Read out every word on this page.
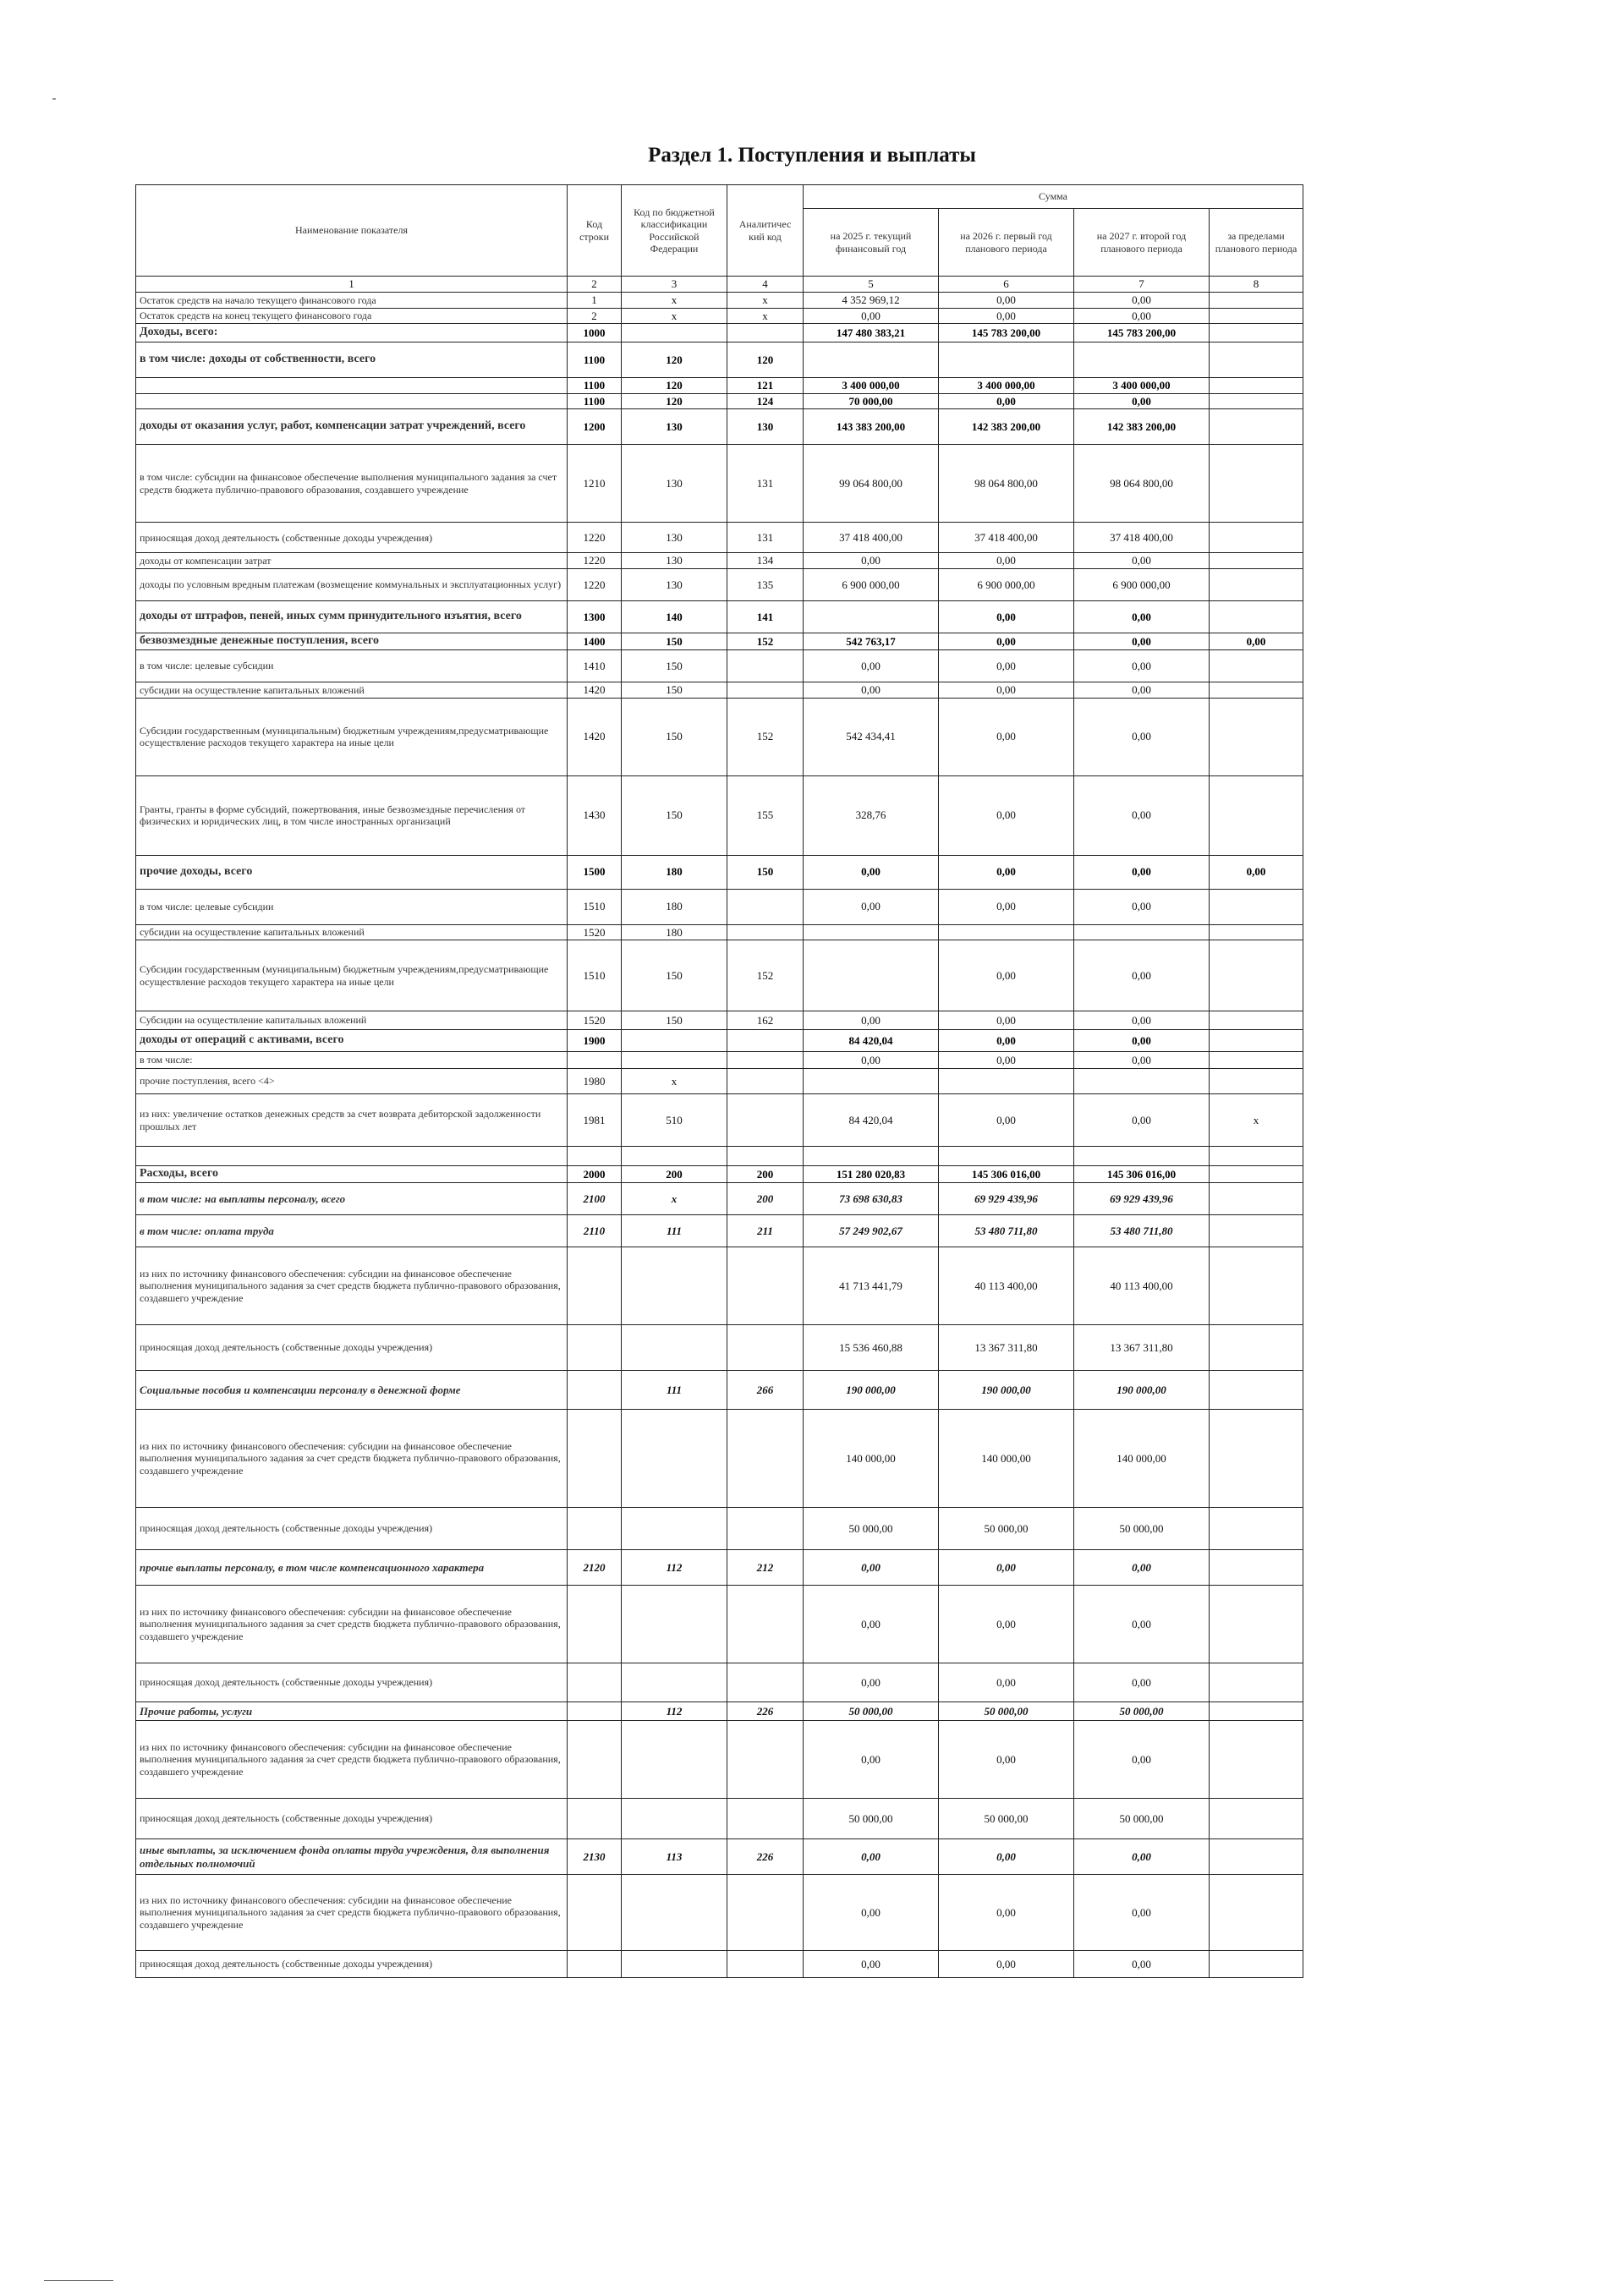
Раздел 1. Поступления и выплаты
Наименование показателя	Код строки	Код по бюджетной классификации Российской Федерации	Аналитичес кий код	Сумма			
				на 2025 г. текущий финансовый год	на 2026 г. первый год планового периода	на 2027 г. второй год планового периода	за пределами планового периода
1	2	3	4	5	6	7	8
Остаток средств на начало текущего финансового года	1	х	х	4 352 969,12	0,00	0,00	
Остаток средств на конец текущего финансового года	2	х	х	0,00	0,00	0,00	
Доходы, всего:	1000			147 480 383,21	145 783 200,00	145 783 200,00	
в том числе: доходы от собственности, всего	1100	120	120				
	1100	120	121	3 400 000,00	3 400 000,00	3 400 000,00	
	1100	120	124	70 000,00	0,00	0,00	
доходы от оказания услуг, работ, компенсации затрат учреждений, всего	1200	130	130	143 383 200,00	142 383 200,00	142 383 200,00	
в том числе: субсидии на финансовое обеспечение выполнения муниципального задания за счет средств бюджета публично-правового образования, создавшего учреждение	1210	130	131	99 064 800,00	98 064 800,00	98 064 800,00	
приносящая доход деятельность (собственные доходы учреждения)	1220	130	131	37 418 400,00	37 418 400,00	37 418 400,00	
доходы от компенсации затрат	1220	130	134	0,00	0,00	0,00	
доходы по условным вредным платежам (возмещение коммунальных и эксплуатационных услуг)	1220	130	135	6 900 000,00	6 900 000,00	6 900 000,00	
доходы от штрафов, пеней, иных сумм принудительного изъятия, всего	1300	140	141		0,00	0,00	
безвозмездные денежные поступления, всего	1400	150	152	542 763,17	0,00	0,00	0,00
в том числе: целевые субсидии	1410	150		0,00	0,00	0,00	
субсидии на осуществление капитальных вложений	1420	150		0,00	0,00	0,00	
Субсидии государственным (муниципальным) бюджетным учреждениям,предусматривающие осуществление расходов текущего характера на иные цели	1420	150	152	542 434,41	0,00	0,00	
Гранты, гранты в форме субсидий, пожертвования, иные безвозмездные перечисления от физических и юридических лиц, в том числе иностранных организаций	1430	150	155	328,76	0,00	0,00	
прочие доходы, всего	1500	180	150	0,00	0,00	0,00	0,00
в том числе: целевые субсидии	1510	180		0,00	0,00	0,00	
субсидии на осуществление капитальных вложений	1520	180					
Субсидии государственным (муниципальным) бюджетным учреждениям,предусматривающие осуществление расходов текущего характера на иные цели	1510	150	152		0,00	0,00	
Субсидии на осуществление капитальных вложений	1520	150	162	0,00	0,00	0,00	
доходы от операций с активами, всего	1900			84 420,04	0,00	0,00	
в том числе:				0,00	0,00	0,00	
прочие поступления, всего <4>	1980	х					
из них: увеличение остатков денежных средств за счет возврата дебиторской задолженности прошлых лет	1981	510		84 420,04	0,00	0,00	х

Расходы, всего	2000	200	200	151 280 020,83	145 306 016,00	145 306 016,00	
в том числе: на выплаты персоналу, всего	2100	х	200	73 698 630,83	69 929 439,96	69 929 439,96	
в том числе: оплата труда	2110	111	211	57 249 902,67	53 480 711,80	53 480 711,80	
из них по источнику финансового обеспечения: субсидии на финансовое обеспечение выполнения муниципального задания за счет средств бюджета публично-правового образования, создавшего учреждение				41 713 441,79	40 113 400,00	40 113 400,00	
приносящая доход деятельность (собственные доходы учреждения)				15 536 460,88	13 367 311,80	13 367 311,80	
Социальные пособия и компенсации персоналу в денежной форме		111	266	190 000,00	190 000,00	190 000,00	
из них по источнику финансового обеспечения: субсидии на финансовое обеспечение выполнения муниципального задания за счет средств бюджета публично-правового образования, создавшего учреждение				140 000,00	140 000,00	140 000,00	
приносящая доход деятельность (собственные доходы учреждения)				50 000,00	50 000,00	50 000,00	
прочие выплаты персоналу, в том числе компенсационного характера	2120	112	212	0,00	0,00	0,00	
из них по источнику финансового обеспечения: субсидии на финансовое обеспечение выполнения муниципального задания за счет средств бюджета публично-правового образования, создавшего учреждение				0,00	0,00	0,00	
приносящая доход деятельность (собственные доходы учреждения)				0,00	0,00	0,00	
Прочие работы, услуги		112	226	50 000,00	50 000,00	50 000,00	
из них по источнику финансового обеспечения: субсидии на финансовое обеспечение выполнения муниципального задания за счет средств бюджета публично-правового образования, создавшего учреждение				0,00	0,00	0,00	
приносящая доход деятельность (собственные доходы учреждения)				50 000,00	50 000,00	50 000,00	
иные выплаты, за исключением фонда оплаты труда учреждения, для выполнения отдельных полномочий	2130	113	226	0,00	0,00	0,00	
из них по источнику финансового обеспечения: субсидии на финансовое обеспечение выполнения муниципального задания за счет средств бюджета публично-правового образования, создавшего учреждение				0,00	0,00	0,00	
приносящая доход деятельность (собственные доходы учреждения)				0,00	0,00	0,00	
